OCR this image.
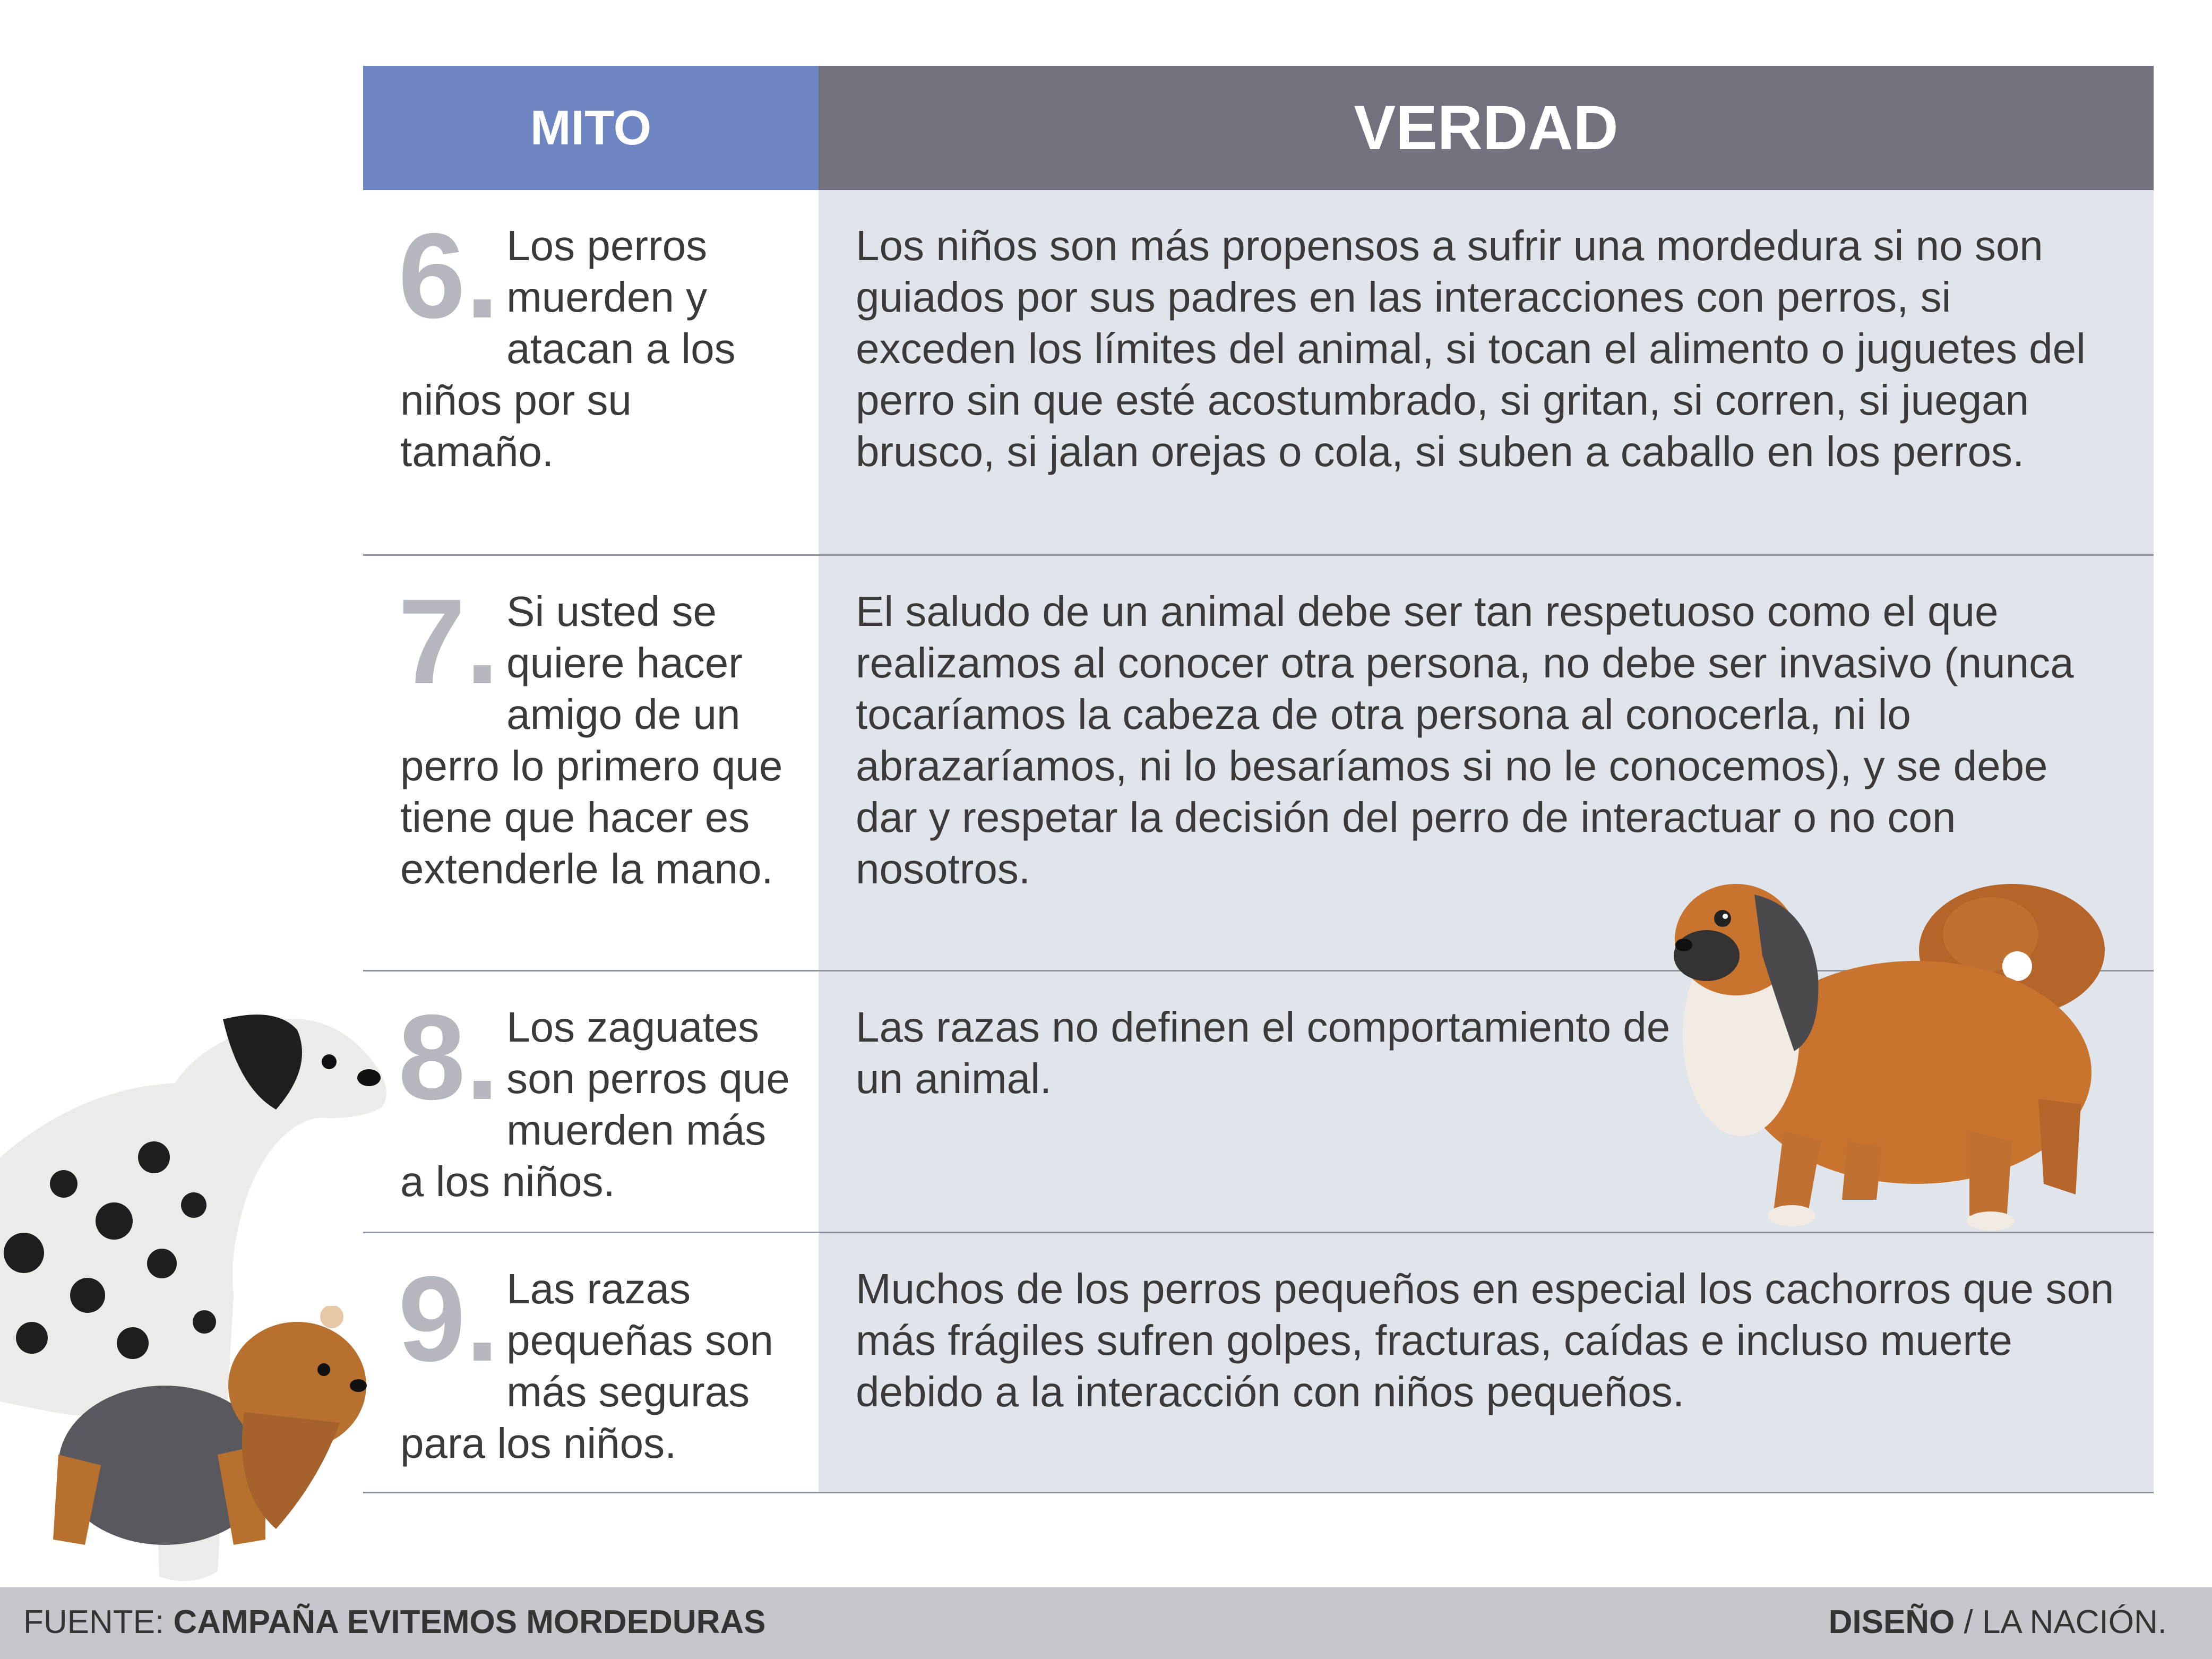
MITO	VERDAD
6. Los perros muerden y atacan a los niños por su tamaño.
Los niños son más propensos a sufrir una mordedura si no son guiados por sus padres en las interacciones con perros, si exceden los límites del animal, si tocan el alimento o juguetes del perro sin que esté acostumbrado, si gritan, si corren, si juegan brusco, si jalan orejas o cola, si suben a caballo en los perros.
7. Si usted se quiere hacer amigo de un perro lo primero que tiene que hacer es extenderle la mano.
El saludo de un animal debe ser tan respetuoso como el que realizamos al conocer otra persona, no debe ser invasivo (nunca tocaríamos la cabeza de otra persona al conocerla, ni lo abrazaríamos, ni lo besaríamos si no le conocemos), y se debe dar y respetar la decisión del perro de interactuar o no con nosotros.
8. Los zaguates son perros que muerden más a los niños.
Las razas no definen el comportamiento de un animal.
9. Las razas pequeñas son más seguras para los niños.
Muchos de los perros pequeños en especial los cachorros que son más frágiles sufren golpes, fracturas, caídas e incluso muerte debido a la interacción con niños pequeños.
FUENTE: CAMPAÑA EVITEMOS MORDEDURAS	DISEÑO / LA NACIÓN.
